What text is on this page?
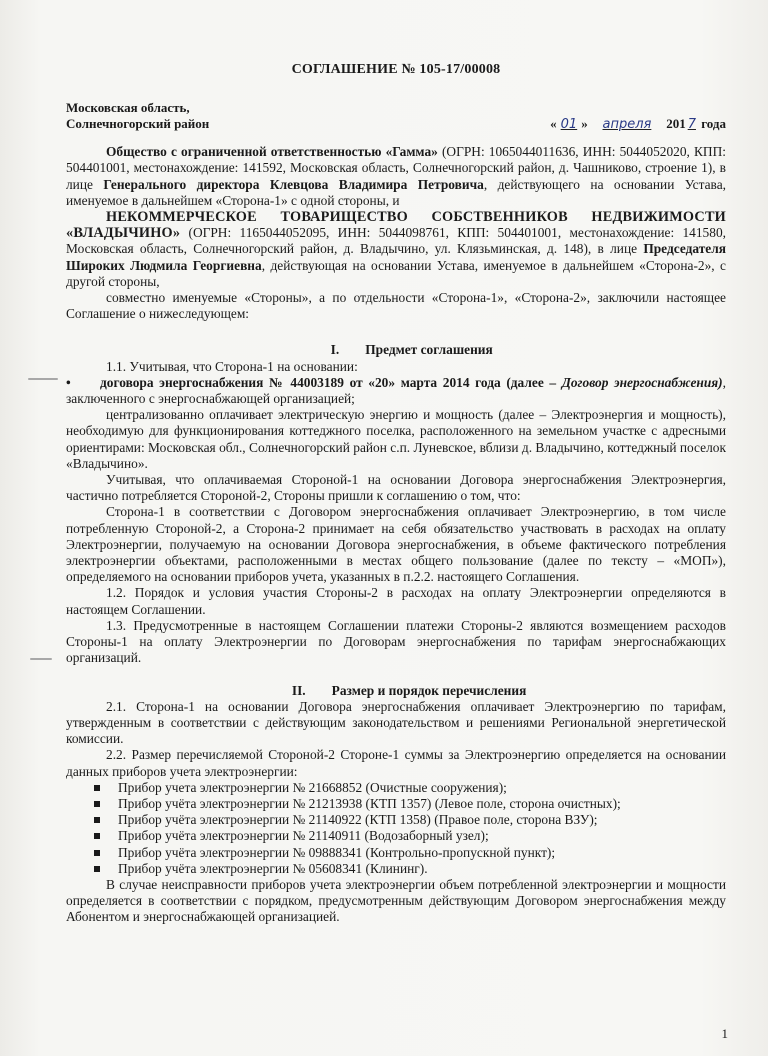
СОГЛАШЕНИЕ № 105-17/00008
Московская область,
Солнечногорский район	« 01 » апреля 201 7 года

Общество с ограниченной ответственностью «Гамма» (ОГРН: 1065044011636, ИНН: 5044052020, КПП: 504401001, местонахождение: 141592, Московская область, Солнечногорский район, д. Чашниково, строение 1), в лице Генерального директора Клевцова Владимира Петровича, действующего на основании Устава, именуемое в дальнейшем «Сторона-1» с одной стороны, и

НЕКОММЕРЧЕСКОЕ ТОВАРИЩЕСТВО СОБСТВЕННИКОВ НЕДВИЖИМОСТИ «ВЛАДЫЧИНО» (ОГРН: 1165044052095, ИНН: 5044098761, КПП: 504401001, местонахождение: 141580, Московская область, Солнечногорский район, д. Владычино, ул. Клязьминская, д. 148), в лице Председателя Широких Людмила Георгиевна, действующая на основании Устава, именуемое в дальнейшем «Сторона-2», с другой стороны,

совместно именуемые «Стороны», а по отдельности «Сторона-1», «Сторона-2», заключили настоящее Соглашение о нижеследующем:

I. Предмет соглашения

1.1. Учитывая, что Сторона-1 на основании:

• договора энергоснабжения № 44003189 от «20» марта 2014 года (далее – Договор энергоснабжения), заключенного с энергоснабжающей организацией;

централизованно оплачивает электрическую энергию и мощность (далее – Электроэнергия и мощность), необходимую для функционирования коттеджного поселка, расположенного на земельном участке с адресными ориентирами: Московская обл., Солнечногорский район с.п. Луневское, вблизи д. Владычино, коттеджный поселок «Владычино».

Учитывая, что оплачиваемая Стороной-1 на основании Договора энергоснабжения Электроэнергия, частично потребляется Стороной-2, Стороны пришли к соглашению о том, что:

Сторона-1 в соответствии с Договором энергоснабжения оплачивает Электроэнергию, в том числе потребленную Стороной-2, а Сторона-2 принимает на себя обязательство участвовать в расходах на оплату Электроэнергии, получаемую на основании Договора энергоснабжения, в объеме фактического потребления электроэнергии объектами, расположенными в местах общего пользование (далее по тексту – «МОП»), определяемого на основании приборов учета, указанных в п.2.2. настоящего Соглашения.

1.2. Порядок и условия участия Стороны-2 в расходах на оплату Электроэнергии определяются в настоящем Соглашении.

1.3. Предусмотренные в настоящем Соглашении платежи Стороны-2 являются возмещением расходов Стороны-1 на оплату Электроэнергии по Договорам энергоснабжения по тарифам энергоснабжающих организаций.

II. Размер и порядок перечисления

2.1. Сторона-1 на основании Договора энергоснабжения оплачивает Электроэнергию по тарифам, утвержденным в соответствии с действующим законодательством и решениями Региональной энергетической комиссии.

2.2. Размер перечисляемой Стороной-2 Стороне-1 суммы за Электроэнергию определяется на основании данных приборов учета электроэнергии:

Прибор учета электроэнергии № 21668852 (Очистные сооружения);
Прибор учёта электроэнергии № 21213938 (КТП 1357) (Левое поле, сторона очистных);
Прибор учёта электроэнергии № 21140922 (КТП 1358) (Правое поле, сторона ВЗУ);
Прибор учёта электроэнергии № 21140911 (Водозаборный узел);
Прибор учёта электроэнергии № 09888341 (Контрольно-пропускной пункт);
Прибор учёта электроэнергии № 05608341 (Клининг).

В случае неисправности приборов учета электроэнергии объем потребленной электроэнергии и мощности определяется в соответствии с порядком, предусмотренным действующим Договором энергоснабжения между Абонентом и энергоснабжающей организацией.

1
